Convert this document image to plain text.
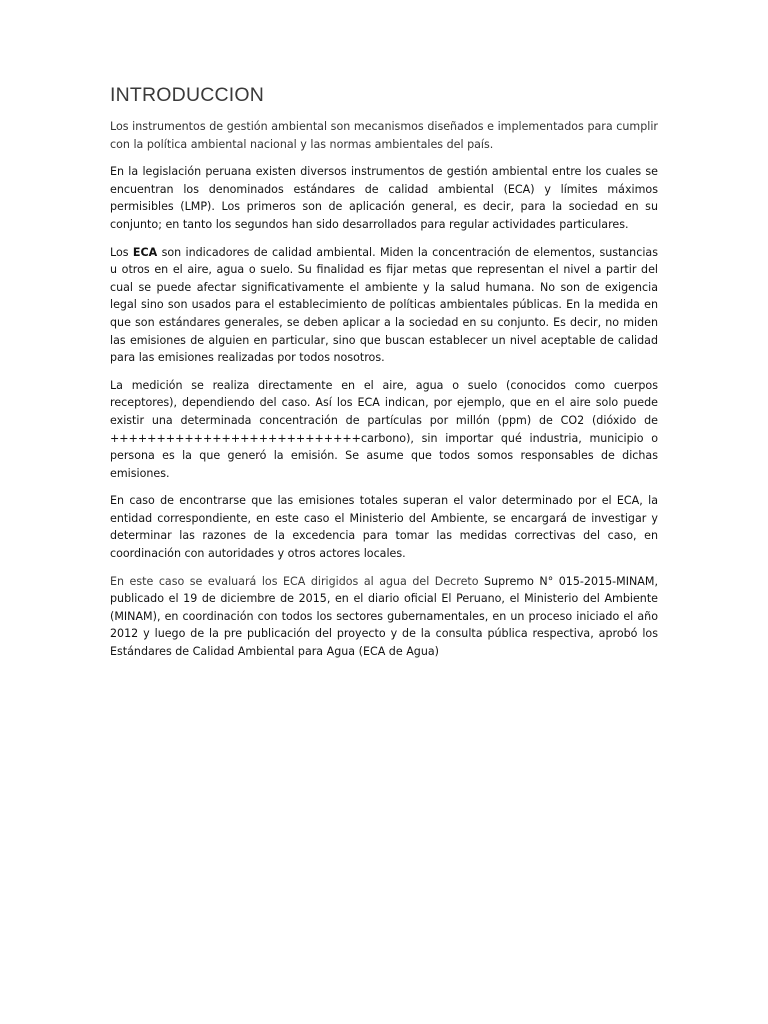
INTRODUCCION

Los instrumentos de gestión ambiental son mecanismos diseñados e implementados para cumplir con la política ambiental nacional y las normas ambientales del país.

En la legislación peruana existen diversos instrumentos de gestión ambiental entre los cuales se encuentran los denominados estándares de calidad ambiental (ECA) y límites máximos permisibles (LMP). Los primeros son de aplicación general, es decir, para la sociedad en su conjunto; en tanto los segundos han sido desarrollados para regular actividades particulares.

Los ECA son indicadores de calidad ambiental. Miden la concentración de elementos, sustancias u otros en el aire, agua o suelo. Su finalidad es fijar metas que representan el nivel a partir del cual se puede afectar significativamente el ambiente y la salud humana. No son de exigencia legal sino son usados para el establecimiento de políticas ambientales públicas. En la medida en que son estándares generales, se deben aplicar a la sociedad en su conjunto. Es decir, no miden las emisiones de alguien en particular, sino que buscan establecer un nivel aceptable de calidad para las emisiones realizadas por todos nosotros.

La medición se realiza directamente en el aire, agua o suelo (conocidos como cuerpos receptores), dependiendo del caso. Así los ECA indican, por ejemplo, que en el aire solo puede existir una determinada concentración de partículas por millón (ppm) de CO2 (dióxido de +++++++++++++++++++++++++++carbono), sin importar qué industria, municipio o persona es la que generó la emisión. Se asume que todos somos responsables de dichas emisiones.

En caso de encontrarse que las emisiones totales superan el valor determinado por el ECA, la entidad correspondiente, en este caso el Ministerio del Ambiente, se encargará de investigar y determinar las razones de la excedencia para tomar las medidas correctivas del caso, en coordinación con autoridades y otros actores locales.

En este caso se evaluará los ECA dirigidos al agua del Decreto Supremo N° 015-2015-MINAM, publicado el 19 de diciembre de 2015, en el diario oficial El Peruano, el Ministerio del Ambiente (MINAM), en coordinación con todos los sectores gubernamentales, en un proceso iniciado el año 2012 y luego de la pre publicación del proyecto y de la consulta pública respectiva, aprobó los Estándares de Calidad Ambiental para Agua (ECA de Agua)
